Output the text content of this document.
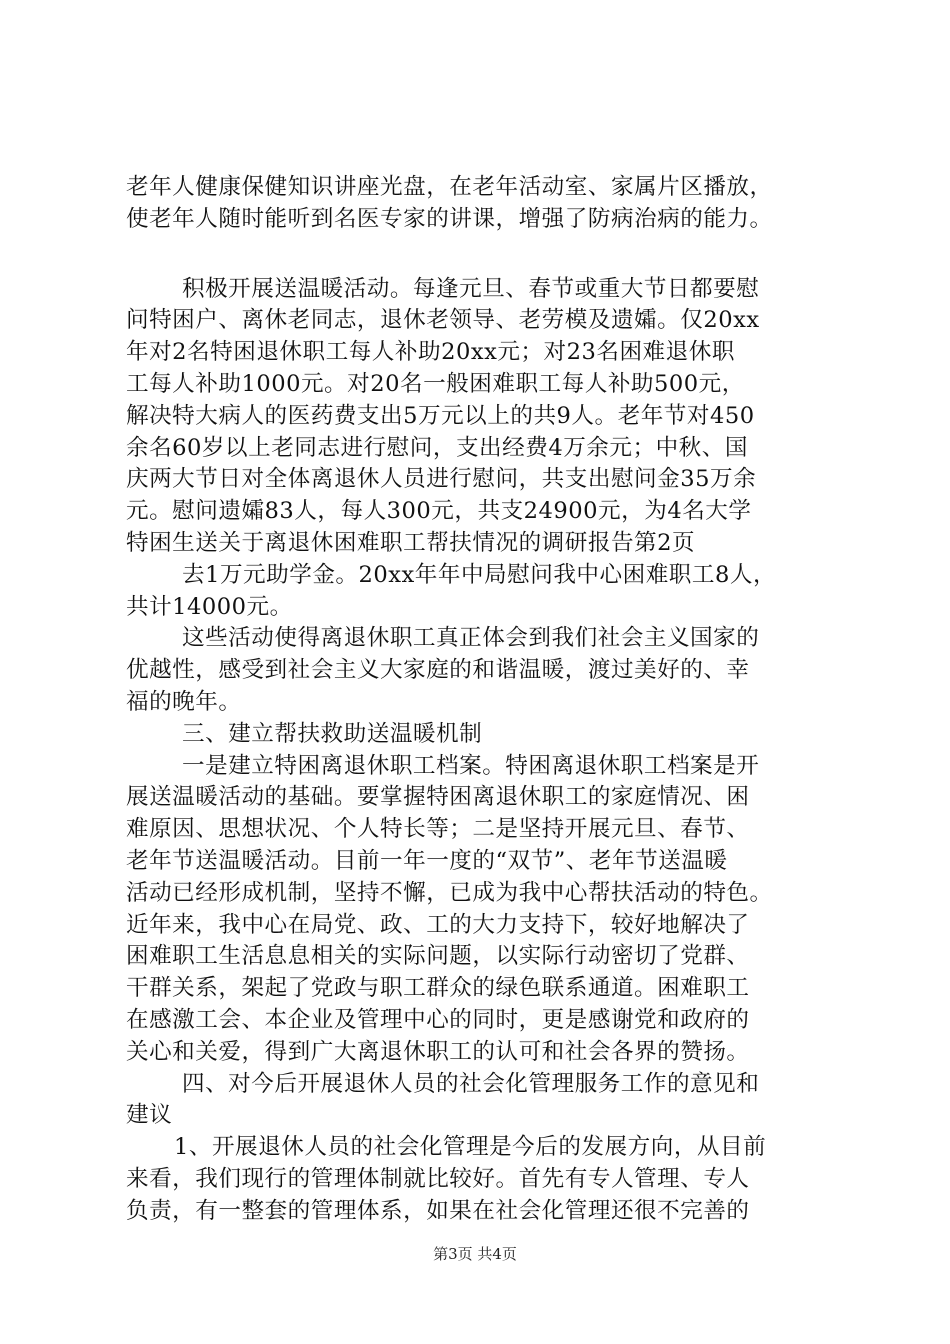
老年人健康保健知识讲座光盘，在老年活动室、家属片区播放，
使老年人随时能听到名医专家的讲课，增强了防病治病的能力。
积极开展送温暖活动。每逢元旦、春节或重大节日都要慰
问特困户、离休老同志，退休老领导、老劳模及遗孀。仅20xx
年对2名特困退休职工每人补助20xx元；对23名困难退休职
工每人补助1000元。对20名一般困难职工每人补助500元，
解决特大病人的医药费支出5万元以上的共9人。老年节对450
余名60岁以上老同志进行慰问，支出经费4万余元；中秋、国
庆两大节日对全体离退休人员进行慰问，共支出慰问金35万余
元。慰问遗孀83人，每人300元，共支24900元，为4名大学
特困生送关于离退休困难职工帮扶情况的调研报告第2页
去1万元助学金。20xx年年中局慰问我中心困难职工8人，
共计14000元。
这些活动使得离退休职工真正体会到我们社会主义国家的
优越性，感受到社会主义大家庭的和谐温暖，渡过美好的、幸
福的晚年。
三、建立帮扶救助送温暖机制
一是建立特困离退休职工档案。特困离退休职工档案是开
展送温暖活动的基础。要掌握特困离退休职工的家庭情况、困
难原因、思想状况、个人特长等；二是坚持开展元旦、春节、
老年节送温暖活动。目前一年一度的“双节”、老年节送温暖
活动已经形成机制，坚持不懈，已成为我中心帮扶活动的特色。
近年来，我中心在局党、政、工的大力支持下，较好地解决了
困难职工生活息息相关的实际问题，以实际行动密切了党群、
干群关系，架起了党政与职工群众的绿色联系通道。困难职工
在感激工会、本企业及管理中心的同时，更是感谢党和政府的
关心和关爱，得到广大离退休职工的认可和社会各界的赞扬。
四、对今后开展退休人员的社会化管理服务工作的意见和
建议
1、开展退休人员的社会化管理是今后的发展方向，从目前
来看，我们现行的管理体制就比较好。首先有专人管理、专人
负责，有一整套的管理体系，如果在社会化管理还很不完善的
第3页 共4页
